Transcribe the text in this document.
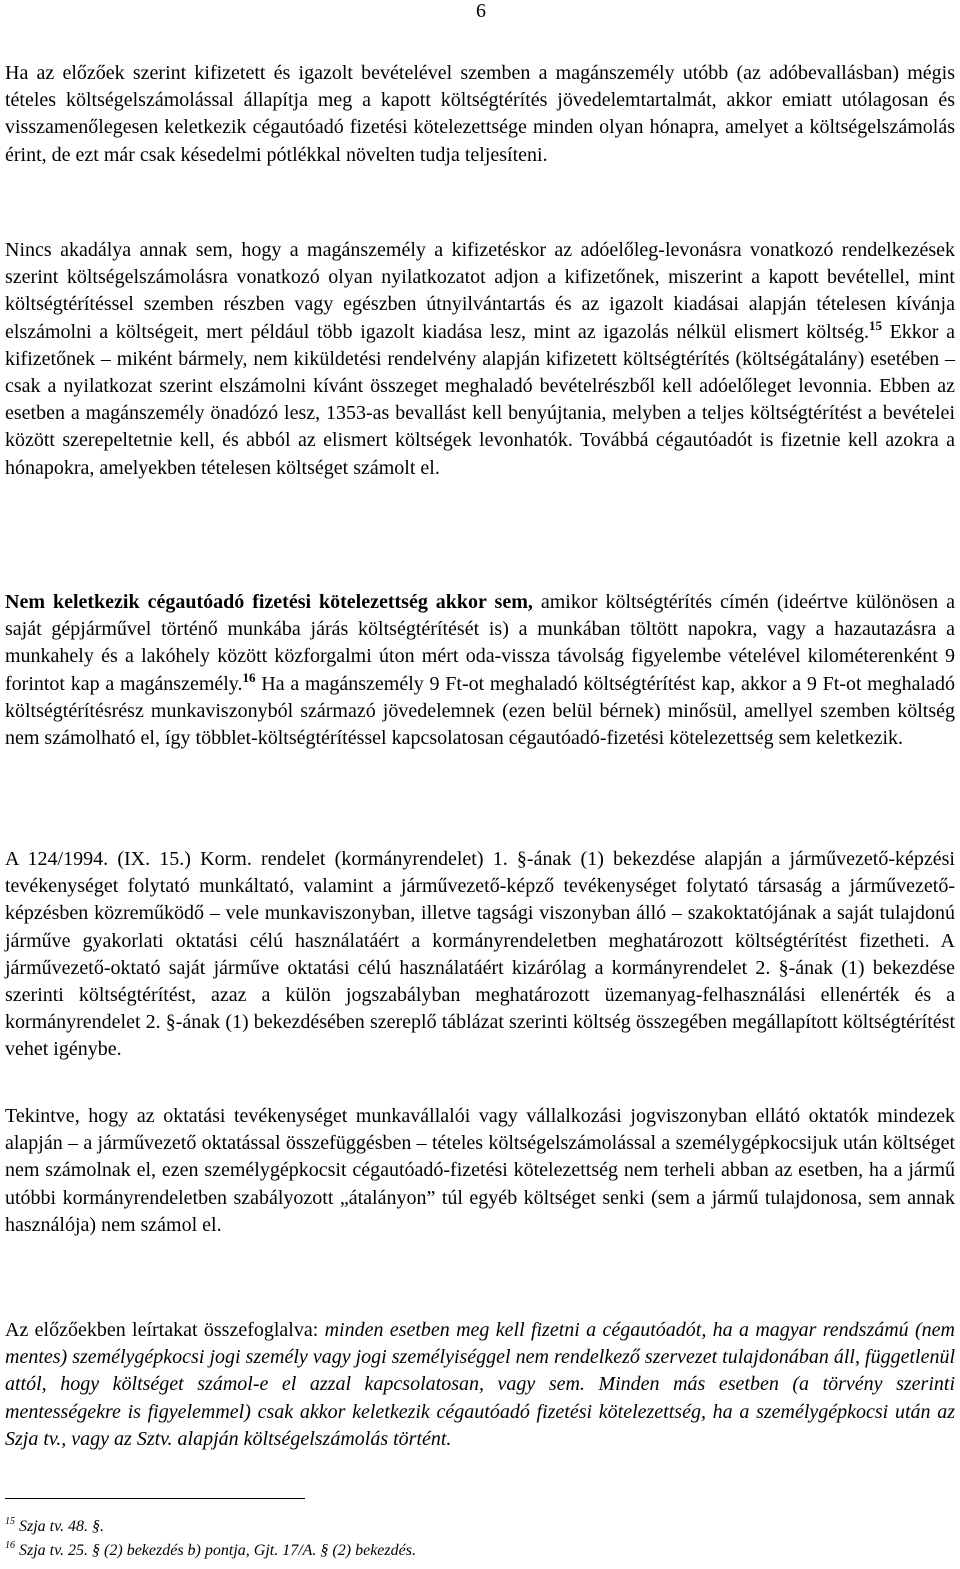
6

Ha az előzőek szerint kifizetett és igazolt bevételével szemben a magánszemély utóbb (az adóbevallásban) mégis tételes költségelszámolással állapítja meg a kapott költségtérítés jövedelemtartalmát, akkor emiatt utólagosan és visszamenőlegesen keletkezik cégautóadó fizetési kötelezettsége minden olyan hónapra, amelyet a költségelszámolás érint, de ezt már csak késedelmi pótlékkal növelten tudja teljesíteni.

Nincs akadálya annak sem, hogy a magánszemély a kifizetéskor az adóelőleg-levonásra vonatkozó rendelkezések szerint költségelszámolásra vonatkozó olyan nyilatkozatot adjon a kifizetőnek, miszerint a kapott bevétellel, mint költségtérítéssel szemben részben vagy egészben útnyilvántartás és az igazolt kiadásai alapján tételesen kívánja elszámolni a költségeit, mert például több igazolt kiadása lesz, mint az igazolás nélkül elismert költség.$^{15}$ Ekkor a kifizetőnek – miként bármely, nem kiküldetési rendelvény alapján kifizetett költségtérítés (költségátalány) esetében – csak a nyilatkozat szerint elszámolni kívánt összeget meghaladó bevételrészből kell adóelőleget levonnia. Ebben az esetben a magánszemély önadózó lesz, 1353-as bevallást kell benyújtania, melyben a teljes költségtérítést a bevételei között szerepeltetnie kell, és abból az elismert költségek levonhatók. Továbbá cégautóadót is fizetnie kell azokra a hónapokra, amelyekben tételesen költséget számolt el.

Nem keletkezik cégautóadó fizetési kötelezettség akkor sem, amikor költségtérítés címén (ideértve különösen a saját gépjárművel történő munkába járás költségtérítését is) a munkában töltött napokra, vagy a hazautazásra a munkahely és a lakóhely között közforgalmi úton mért oda-vissza távolság figyelembe vételével kilométerenként 9 forintot kap a magánszemély.$^{16}$ Ha a magánszemély 9 Ft-ot meghaladó költségtérítést kap, akkor a 9 Ft-ot meghaladó költségtérítésrész munkaviszonyból származó jövedelemnek (ezen belül bérnek) minősül, amellyel szemben költség nem számolható el, így többlet-költségtérítéssel kapcsolatosan cégautóadó-fizetési kötelezettség sem keletkezik.

A 124/1994. (IX. 15.) Korm. rendelet (kormányrendelet) 1. §-ának (1) bekezdése alapján a járművezető-képzési tevékenységet folytató munkáltató, valamint a járművezető-képző tevékenységet folytató társaság a járművezető-képzésben közreműködő – vele munkaviszonyban, illetve tagsági viszonyban álló – szakoktatójának a saját tulajdonú járműve gyakorlati oktatási célú használatáért a kormányrendeletben meghatározott költségtérítést fizetheti. A járművezető-oktató saját járműve oktatási célú használatáért kizárólag a kormányrendelet 2. §-ának (1) bekezdése szerinti költségtérítést, azaz a külön jogszabályban meghatározott üzemanyag-felhasználási ellenérték és a kormányrendelet 2. §-ának (1) bekezdésében szereplő táblázat szerinti költség összegében megállapított költségtérítést vehet igénybe.

Tekintve, hogy az oktatási tevékenységet munkavállalói vagy vállalkozási jogviszonyban ellátó oktatók mindezek alapján – a járművezető oktatással összefüggésben – tételes költségelszámolással a személygépkocsijuk után költséget nem számolnak el, ezen személygépkocsit cégautóadó-fizetési kötelezettség nem terheli abban az esetben, ha a jármű utóbbi kormányrendeletben szabályozott „átalányon” túl egyéb költséget senki (sem a jármű tulajdonosa, sem annak használója) nem számol el.

Az előzőekben leírtakat összefoglalva: minden esetben meg kell fizetni a cégautóadót, ha a magyar rendszámú (nem mentes) személygépkocsi jogi személy vagy jogi személyiséggel nem rendelkező szervezet tulajdonában áll, függetlenül attól, hogy költséget számol-e el azzal kapcsolatosan, vagy sem. Minden más esetben (a törvény szerinti mentességekre is figyelemmel) csak akkor keletkezik cégautóadó fizetési kötelezettség, ha a személygépkocsi után az Szja tv., vagy az Sztv. alapján költségelszámolás történt.

$^{15}$ Szja tv. 48. §.
$^{16}$ Szja tv. 25. § (2) bekezdés b) pontja, Gjt. 17/A. § (2) bekezdés.
